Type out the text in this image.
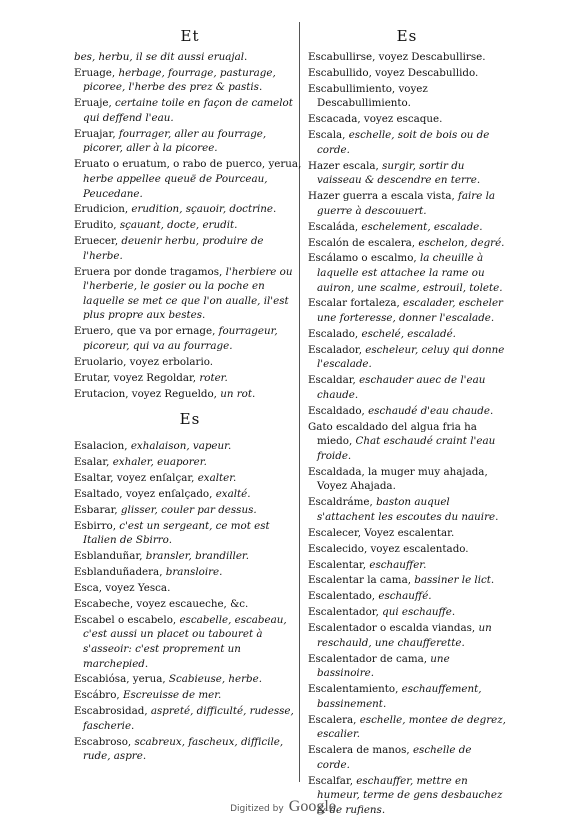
Et
bes, herbu, il se dit aussi eruajal.
Eruage, herbage, fourrage, pasturage, picoree, l'herbe des prez & pastis.
Eruaje, certaine toile en façon de camelot qui deffend l'eau.
Eruajar, fourrager, aller au fourrage, picorer, aller à la picoree.
Eruato o eruatum, o rabo de puerco, yerua, herbe appellee queuë de Pourceau, Peucedane.
Erudicion, erudition, sçauoir, doctrine.
Erudito, sçauant, docte, erudit.
Eruecer, deuenir herbu, produire de l'herbe.
Eruera por donde tragamos, l'herbiere ou l'herberie, le gosier ou la poche en laquelle se met ce que l'on aualle, il'est plus propre aux bestes.
Eruero, que va por ernage, fourrageur, picoreur, qui va au fourrage.
Eruolario, voyez erbolario.
Erutar, voyez Regoldar, roter.
Erutacion, voyez Regueldo, un rot.
Es
Esalacion, exhalaison, vapeur.
Esalar, exhaler, euaporer.
Esaltar, voyez enſalçar, exalter.
Esaltado, voyez enſalçado, exalté.
Esbarar, glisser, couler par dessus.
Esbirro, c'est un sergeant, ce mot est Italien de Sbirro.
Esblanduñar, bransler, brandiller.
Esblanduñadera, bransloire.
Esca, voyez Yesca.
Escabeche, voyez escaueche, &c.
Escabel o escabelo, escabelle, escabeau, c'est aussi un placet ou tabouret à s'asseoir: c'est proprement un marchepied.
Escabiósa, yerua, Scabieuse, herbe.
Escábro, Escreuisse de mer.
Escabrosidad, aspreté, difficulté, rudesse, fascherie.
Escabroso, scabreux, fascheux, difficile, rude, aspre.
Es
Escabullirse, voyez Descabullirse.
Escabullido, voyez Descabullido.
Escabullimiento, voyez Descabullimiento.
Escacada, voyez escaque.
Escala, eschelle, soit de bois ou de corde.
Hazer escala, surgir, sortir du vaisseau & descendre en terre.
Hazer guerra a escala vista, faire la guerre à descouuert.
Escaláda, eschelement, escalade.
Escalón de escalera, eschelon, degré.
Escálamo o escalmo, la cheuille à laquelle est attachee la rame ou auiron, une scalme, estrouil, tolete.
Escalar fortaleza, escalader, escheler une forteresse, donner l'escalade.
Escalado, eschelé, escaladé.
Escalador, escheleur, celuy qui donne l'escalade.
Escaldar, eschauder auec de l'eau chaude.
Escaldado, eschaudé d'eau chaude.
Gato escaldado del algua fria ha miedo, Chat eschaudé craint l'eau froide.
Escaldada, la muger muy ahajada, Voyez Ahajada.
Escaldráme, baston auquel s'attachent les escoutes du nauire.
Escalecer, Voyez escalentar.
Escalecido, voyez escalentado.
Escalentar, eschauffer.
Escalentar la cama, bassiner le lict.
Escalentado, eschauffé.
Escalentador, qui eschauffe.
Escalentador o escalda viandas, un reschauld, une chaufferette.
Escalentador de cama, une bassinoire.
Escalentamiento, eschauffement, bassinement.
Escalera, eschelle, montee de degrez, escalier.
Escalera de manos, eschelle de corde.
Escalfar, eschauffer, mettre en humeur, terme de gens desbauchez & de rufiens.
Digitized by Google
